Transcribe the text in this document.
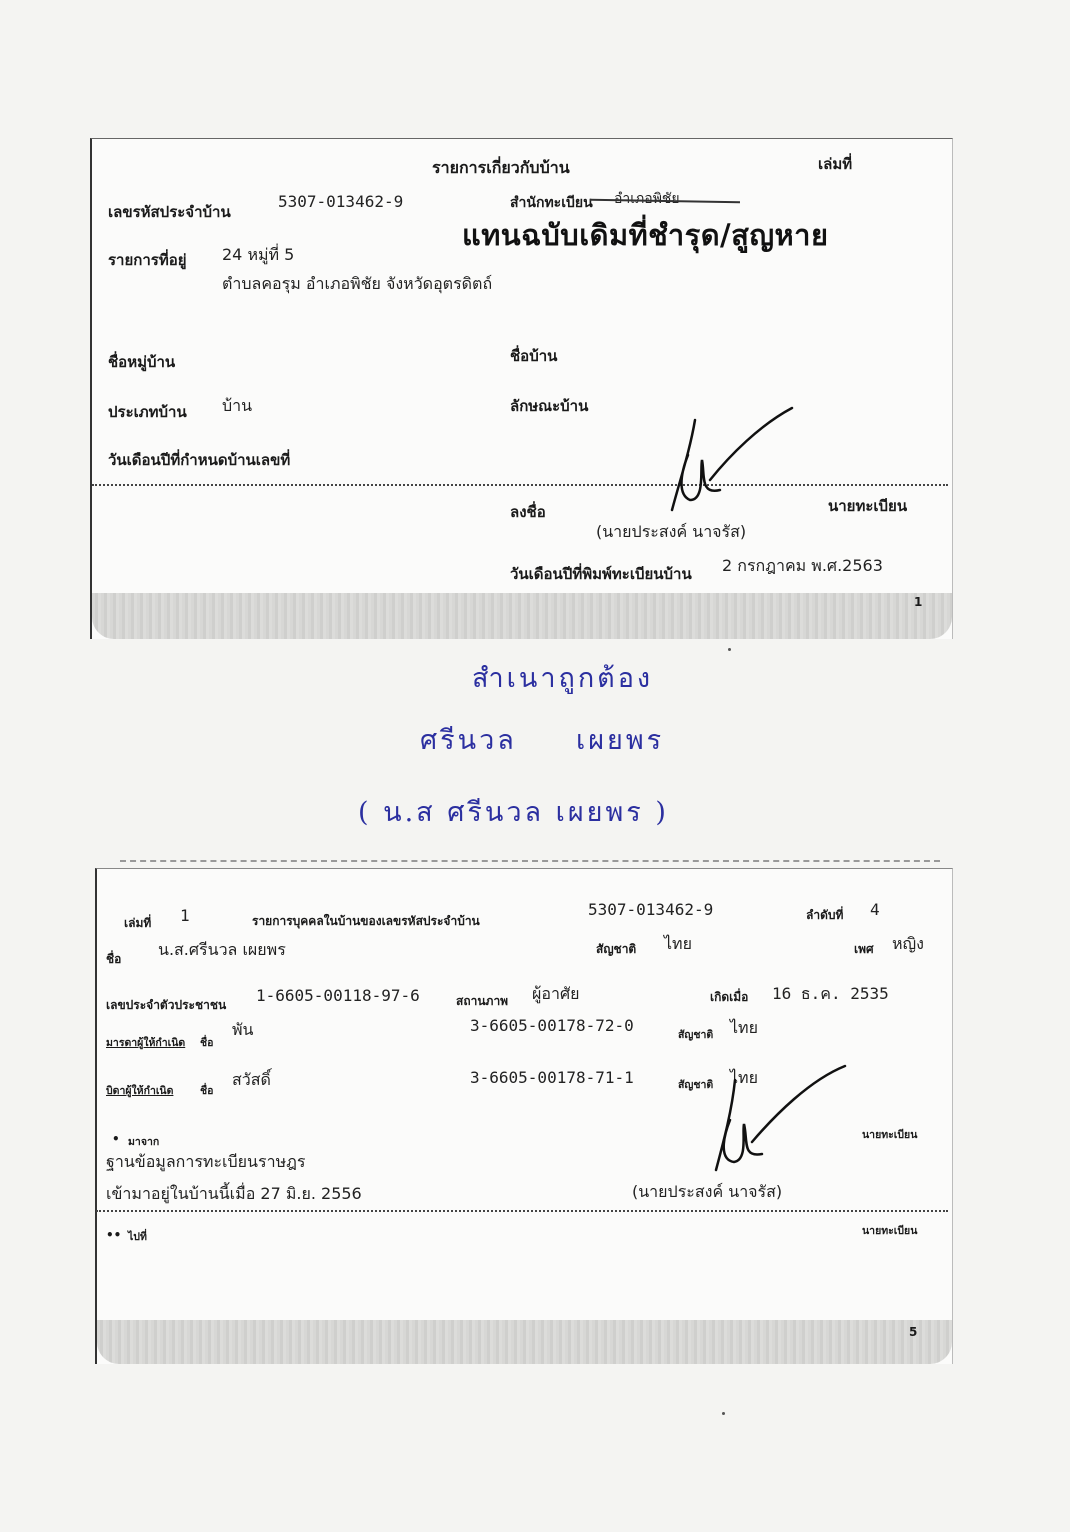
1
รายการเกี่ยวกับบ้าน	เล่มที่
เลขรหัสประจำบ้าน
5307-013462-9	สำนักทะเบียน อำเภอพิชัย
แทนฉบับเดิมที่ชำรุด/สูญหาย
รายการที่อยู่ 24 หมู่ที่ 5
ตำบลคอรุม อำเภอพิชัย จังหวัดอุตรดิตถ์
ชื่อหมู่บ้าน	ชื่อบ้าน
ประเภทบ้าน บ้าน	ลักษณะบ้าน
วันเดือนปีที่กำหนดบ้านเลขที่
ลงชื่อ	นายทะเบียน
(นายประสงค์ นาจรัส)
วันเดือนปีที่พิมพ์ทะเบียนบ้าน 2 กรกฎาคม พ.ศ.2563
สำเนาถูกต้อง
ศรีนวล เผยพร
( น.ส ศรีนวล เผยพร )
5
เล่มที่ 1	รายการบุคคลในบ้านของเลขรหัสประจำบ้าน
5307-013462-9	ลำดับที่ 4
ชื่อ น.ส.ศรีนวล เผยพร	สัญชาติ ไทย	เพศ หญิง
เลขประจำตัวประชาชน 1-6605-00118-97-6	สถานภาพ ผู้อาศัย	เกิดเมื่อ 16 ธ.ค. 2535
มารดาผู้ให้กำเนิด ชื่อ
พัน	3-6605-00178-72-0	สัญชาติ ไทย
บิดาผู้ให้กำเนิด	ชื่อ
สวัสดิ์	3-6605-00178-71-1	สัญชาติ ไทย
• มาจาก
ฐานข้อมูลการทะเบียนราษฎร
เข้ามาอยู่ในบ้านนี้เมื่อ 27 มิ.ย. 2556
นายทะเบียน
(นายประสงค์ นาจรัส)
•• ไปที่	นายทะเบียน
